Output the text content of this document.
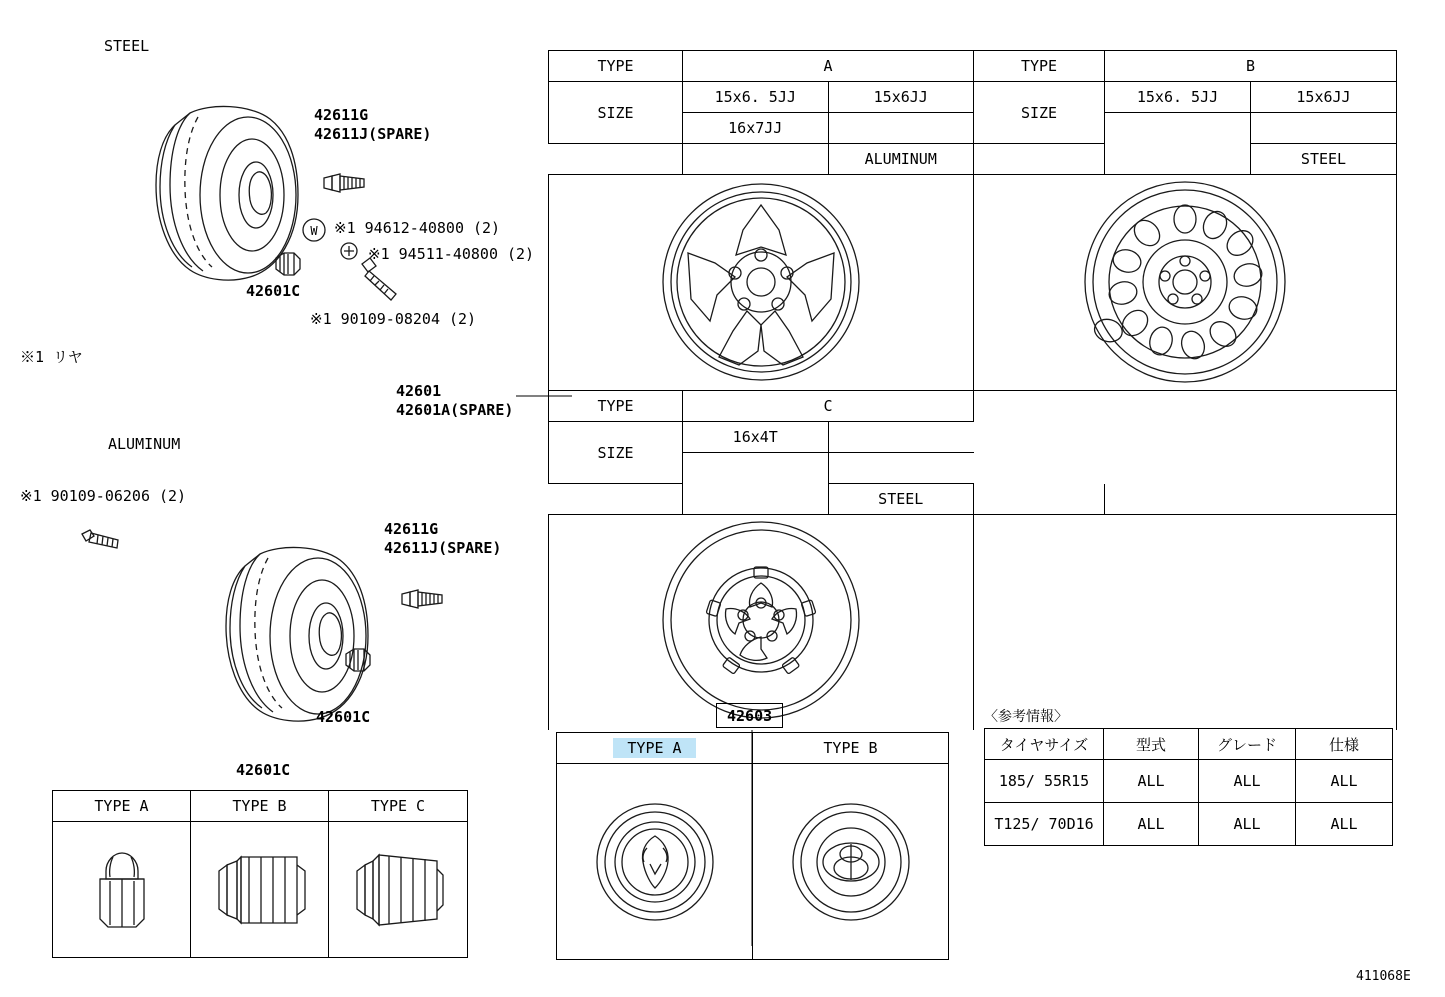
STEEL
42611G
42611J(SPARE)
42601C
W ※1 94612-40800 (2)
※1 94511-40800 (2)
※1 90109-08204 (2)
※1 リヤ
42601
42601A(SPARE)
ALUMINUM
※1 90109-06206 (2)
42611G
42611J(SPARE)
42601C
42601C
TYPE A	TYPE B	TYPE C

TYPE	A		TYPE	B	
SIZE	15x6. 5JJ	15x6JJ	SIZE	15x6. 5JJ	15x6JJ
	16x7JJ				
		ALUMINUM			STEEL

TYPE	C				
SIZE	16x4T				

		STEEL			

42603
TYPE A	TYPE B

〈参考情報〉
タイヤサイズ	型式	グレード	仕様
185/ 55R15	ALL	ALL	ALL
T125/ 70D16	ALL	ALL	ALL
411068E
